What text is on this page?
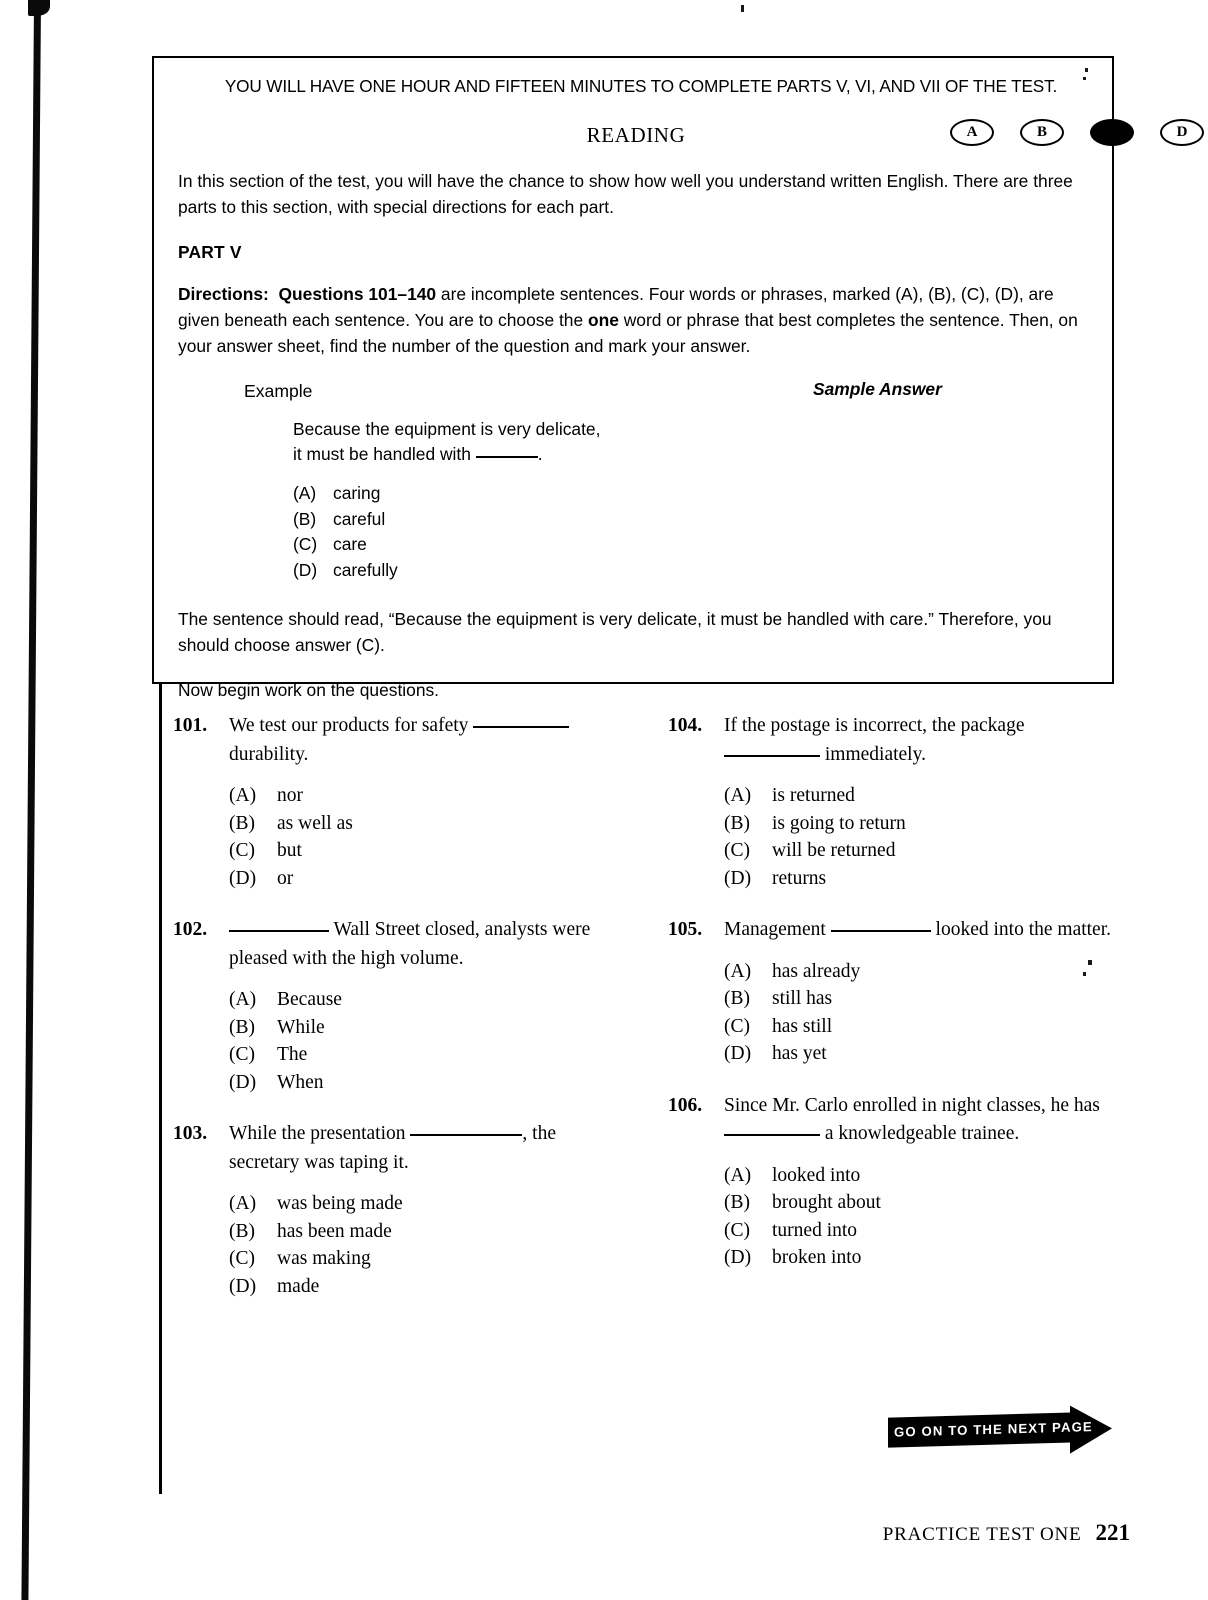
YOU WILL HAVE ONE HOUR AND FIFTEEN MINUTES TO COMPLETE PARTS V, VI, AND VII OF THE TEST.
READING
In this section of the test, you will have the chance to show how well you understand written English. There are three parts to this section, with special directions for each part.
PART V
Directions: Questions 101–140 are incomplete sentences. Four words or phrases, marked (A), (B), (C), (D), are given beneath each sentence. You are to choose the one word or phrase that best completes the sentence. Then, on your answer sheet, find the number of the question and mark your answer.
Example	Sample Answer
Because the equipment is very delicate,
it must be handled with	.
(A) caring
(B) careful
(C) care
(D) carefully
A	B	D
The sentence should read, “Because the equipment is very delicate, it must be handled with care.” Therefore, you should choose answer (C).
Now begin work on the questions.
101.	We test our products for safety  durability.
(A) nor
(B) as well as
(C) but
(D) or
102.	Wall Street closed, analysts were pleased with the high volume.
(A) Because
(B) While
(C) The
(D) When
103.	While the presentation	, the secretary was taping it.
(A) was being made
(B) has been made
(C) was making
(D) made
104.	If the postage is incorrect, the package  immediately.
(A) is returned
(B) is going to return
(C) will be returned
(D) returns
105.	Management	looked into the matter.
(A) has already
(B) still has
(C) has still
(D) has yet
106.	Since Mr. Carlo enrolled in night classes, he has  a knowledgeable trainee.
(A) looked into
(B) brought about
(C) turned into
(D) broken into
GO ON TO THE NEXT PAGE
PRACTICE TEST ONE 221
